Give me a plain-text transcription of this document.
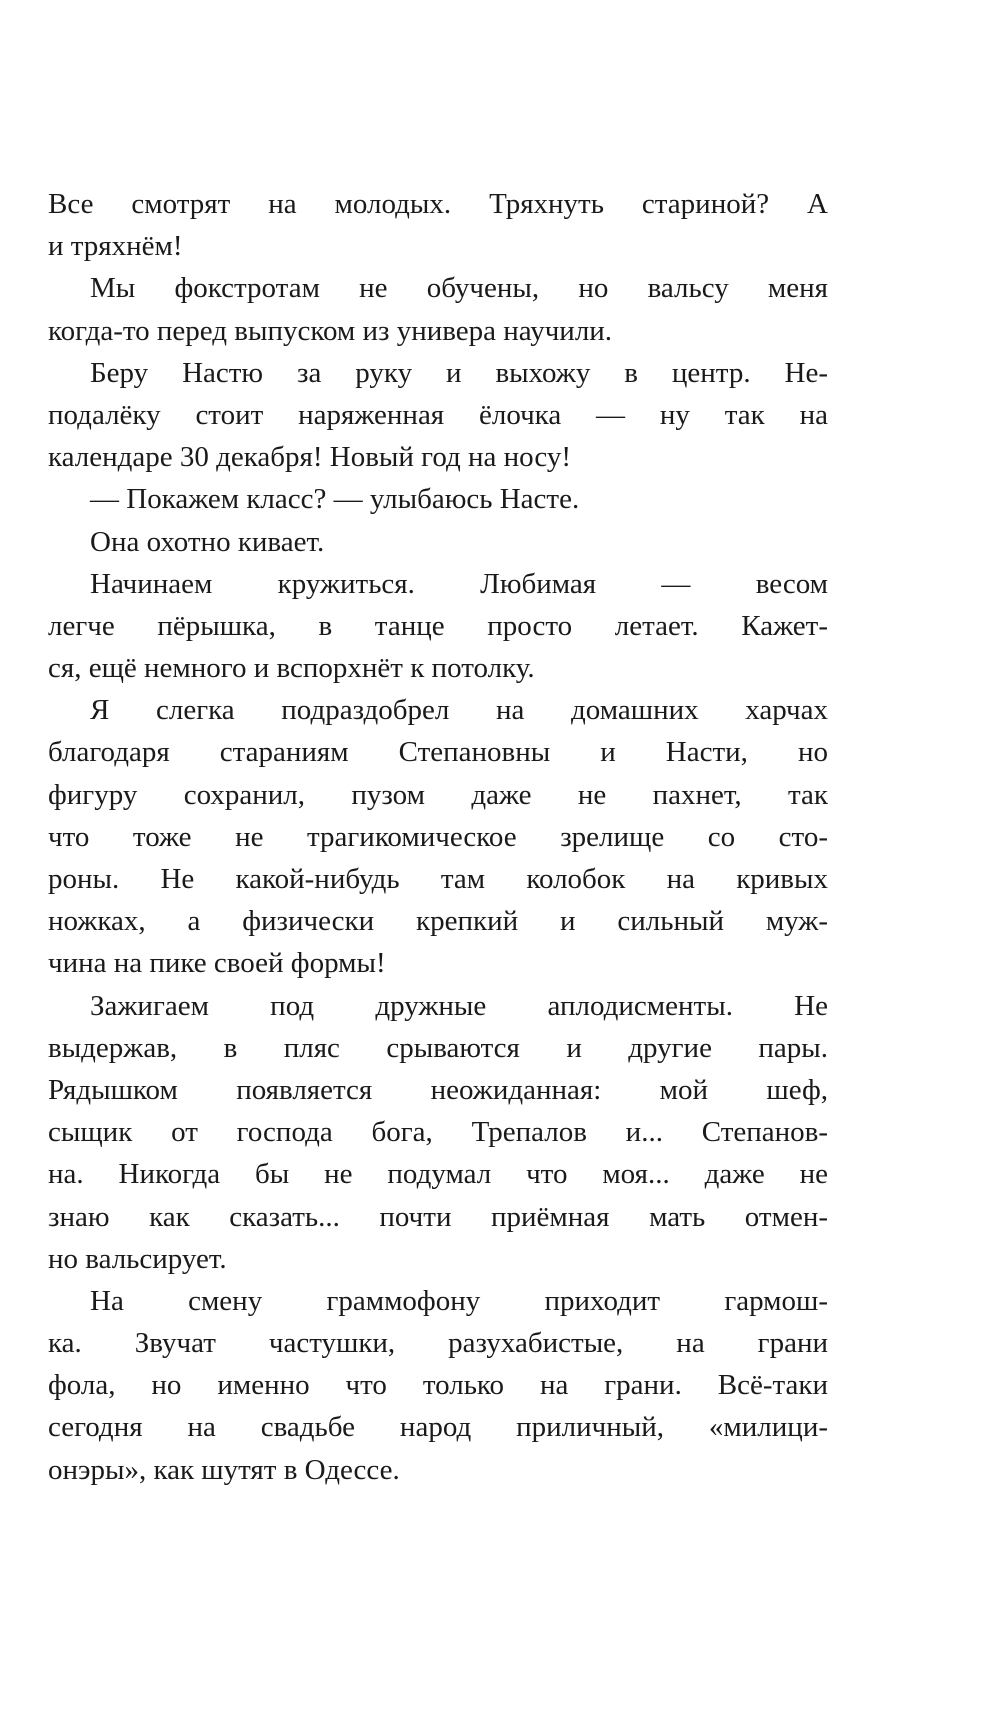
Все смотрят на молодых. Тряхнуть стариной? А
и тряхнём!
Мы фокстротам не обучены, но вальсу меня
когда-то перед выпуском из универа научили.
Беру Настю за руку и выхожу в центр. Не-
подалёку стоит наряженная ёлочка — ну так на
календаре 30 декабря! Новый год на носу!
— Покажем класс? — улыбаюсь Насте.
Она охотно кивает.
Начинаем кружиться. Любимая — весом
легче пёрышка, в танце просто летает. Кажет-
ся, ещё немного и вспорхнёт к потолку.
Я слегка подраздобрел на домашних харчах
благодаря стараниям Степановны и Насти, но
фигуру сохранил, пузом даже не пахнет, так
что тоже не трагикомическое зрелище со сто-
роны. Не какой-нибудь там колобок на кривых
ножках, а физически крепкий и сильный муж-
чина на пике своей формы!
Зажигаем под дружные аплодисменты. Не
выдержав, в пляс срываются и другие пары.
Рядышком появляется неожиданная: мой шеф,
сыщик от господа бога, Трепалов и... Степанов-
на. Никогда бы не подумал что моя... даже не
знаю как сказать... почти приёмная мать отмен-
но вальсирует.
На смену граммофону приходит гармош-
ка. Звучат частушки, разухабистые, на грани
фола, но именно что только на грани. Всё-таки
сегодня на свадьбе народ приличный, «милици-
онэры», как шутят в Одессе.
